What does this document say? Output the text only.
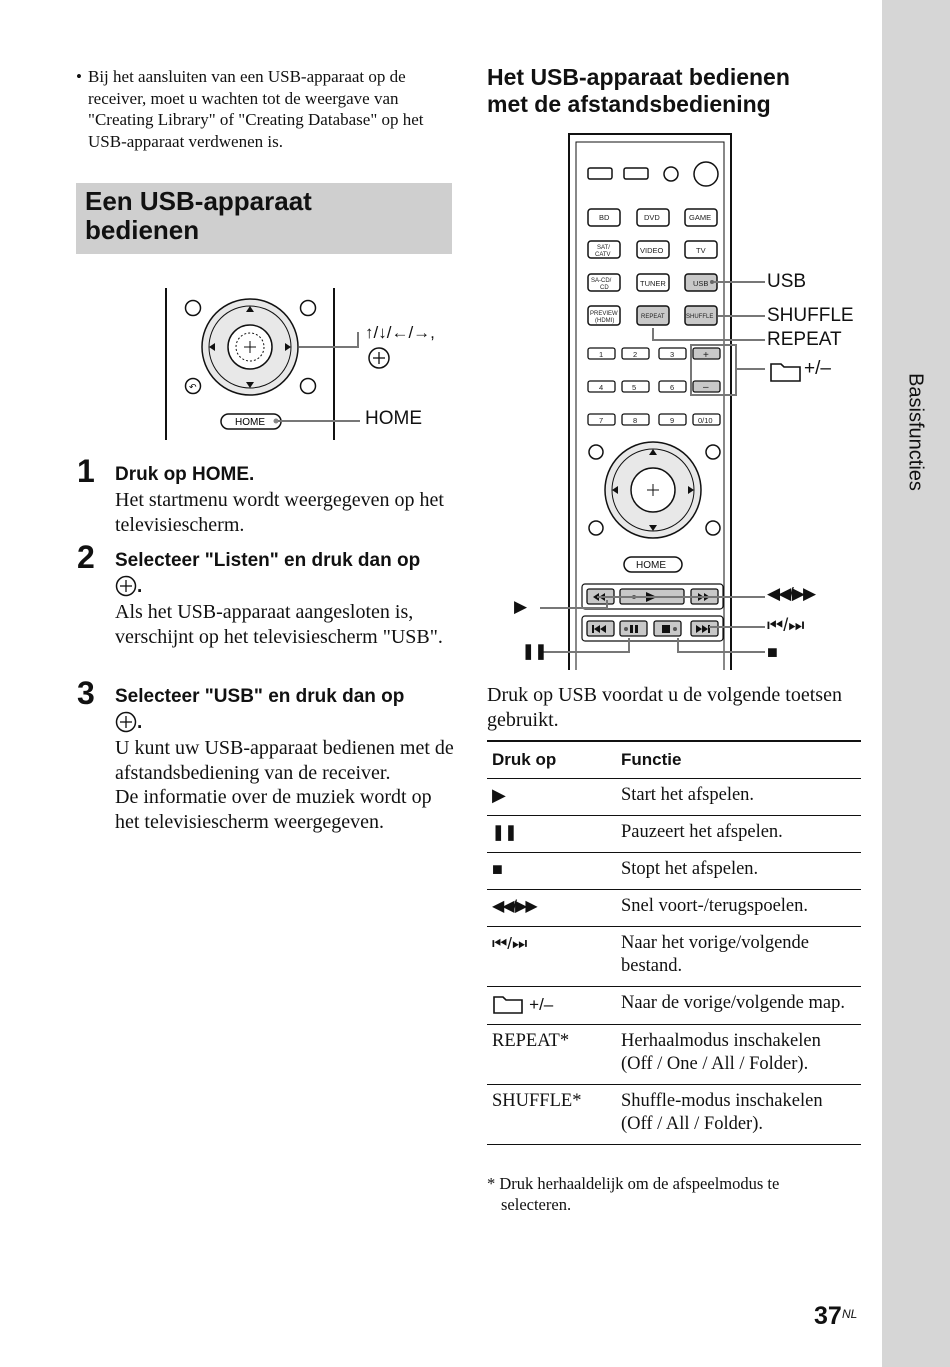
Basisfuncties
• Bij het aansluiten van een USB-apparaat op de receiver, moet u wachten tot de weergave van "Creating Library" of "Creating Database" op het USB-apparaat verdwenen is.
Een USB-apparaat
bedienen
↶
HOME
↑/↓/←/→,
HOME
1 Druk op HOME.
Het startmenu wordt weergegeven op het televisiescherm.
2 Selecteer "Listen" en druk dan op
.
Als het USB-apparaat aangesloten is, verschijnt op het televisiescherm "USB".
3 Selecteer "USB" en druk dan op
.
U kunt uw USB-apparaat bedienen met de afstandsbediening van de receiver.
De informatie over de muziek wordt op het televisiescherm weergegeven.
Het USB-apparaat bedienen
met de afstandsbediening
BD	DVD	GAME
SAT/
CATV	VIDEO	TV
SA-CD/
CD	TUNER	USB
PREVIEW
(HDMI)
REPEAT	SHUFFLE
1	2	3	+
4	5	6	–
7	8	9	0/10
HOME
USB
SHUFFLE
REPEAT
+/–
◀◀/▶▶
⏮/⏭
■
▶
❚❚
Druk op USB voordat u de volgende toetsen gebruikt.
Druk op	Functie
▶	Start het afspelen.
❚❚	Pauzeert het afspelen.
■	Stopt het afspelen.
◀◀/▶▶	Snel voort-/terugspoelen.
⏮/⏭	Naar het vorige/volgende bestand.
+/–	Naar de vorige/volgende map.
REPEAT*	Herhaalmodus inschakelen (Off / One / All / Folder).
SHUFFLE*	Shuffle-modus inschakelen (Off / All / Folder).
* Druk herhaaldelijk om de afspeelmodus te
selecteren.
37 NL
